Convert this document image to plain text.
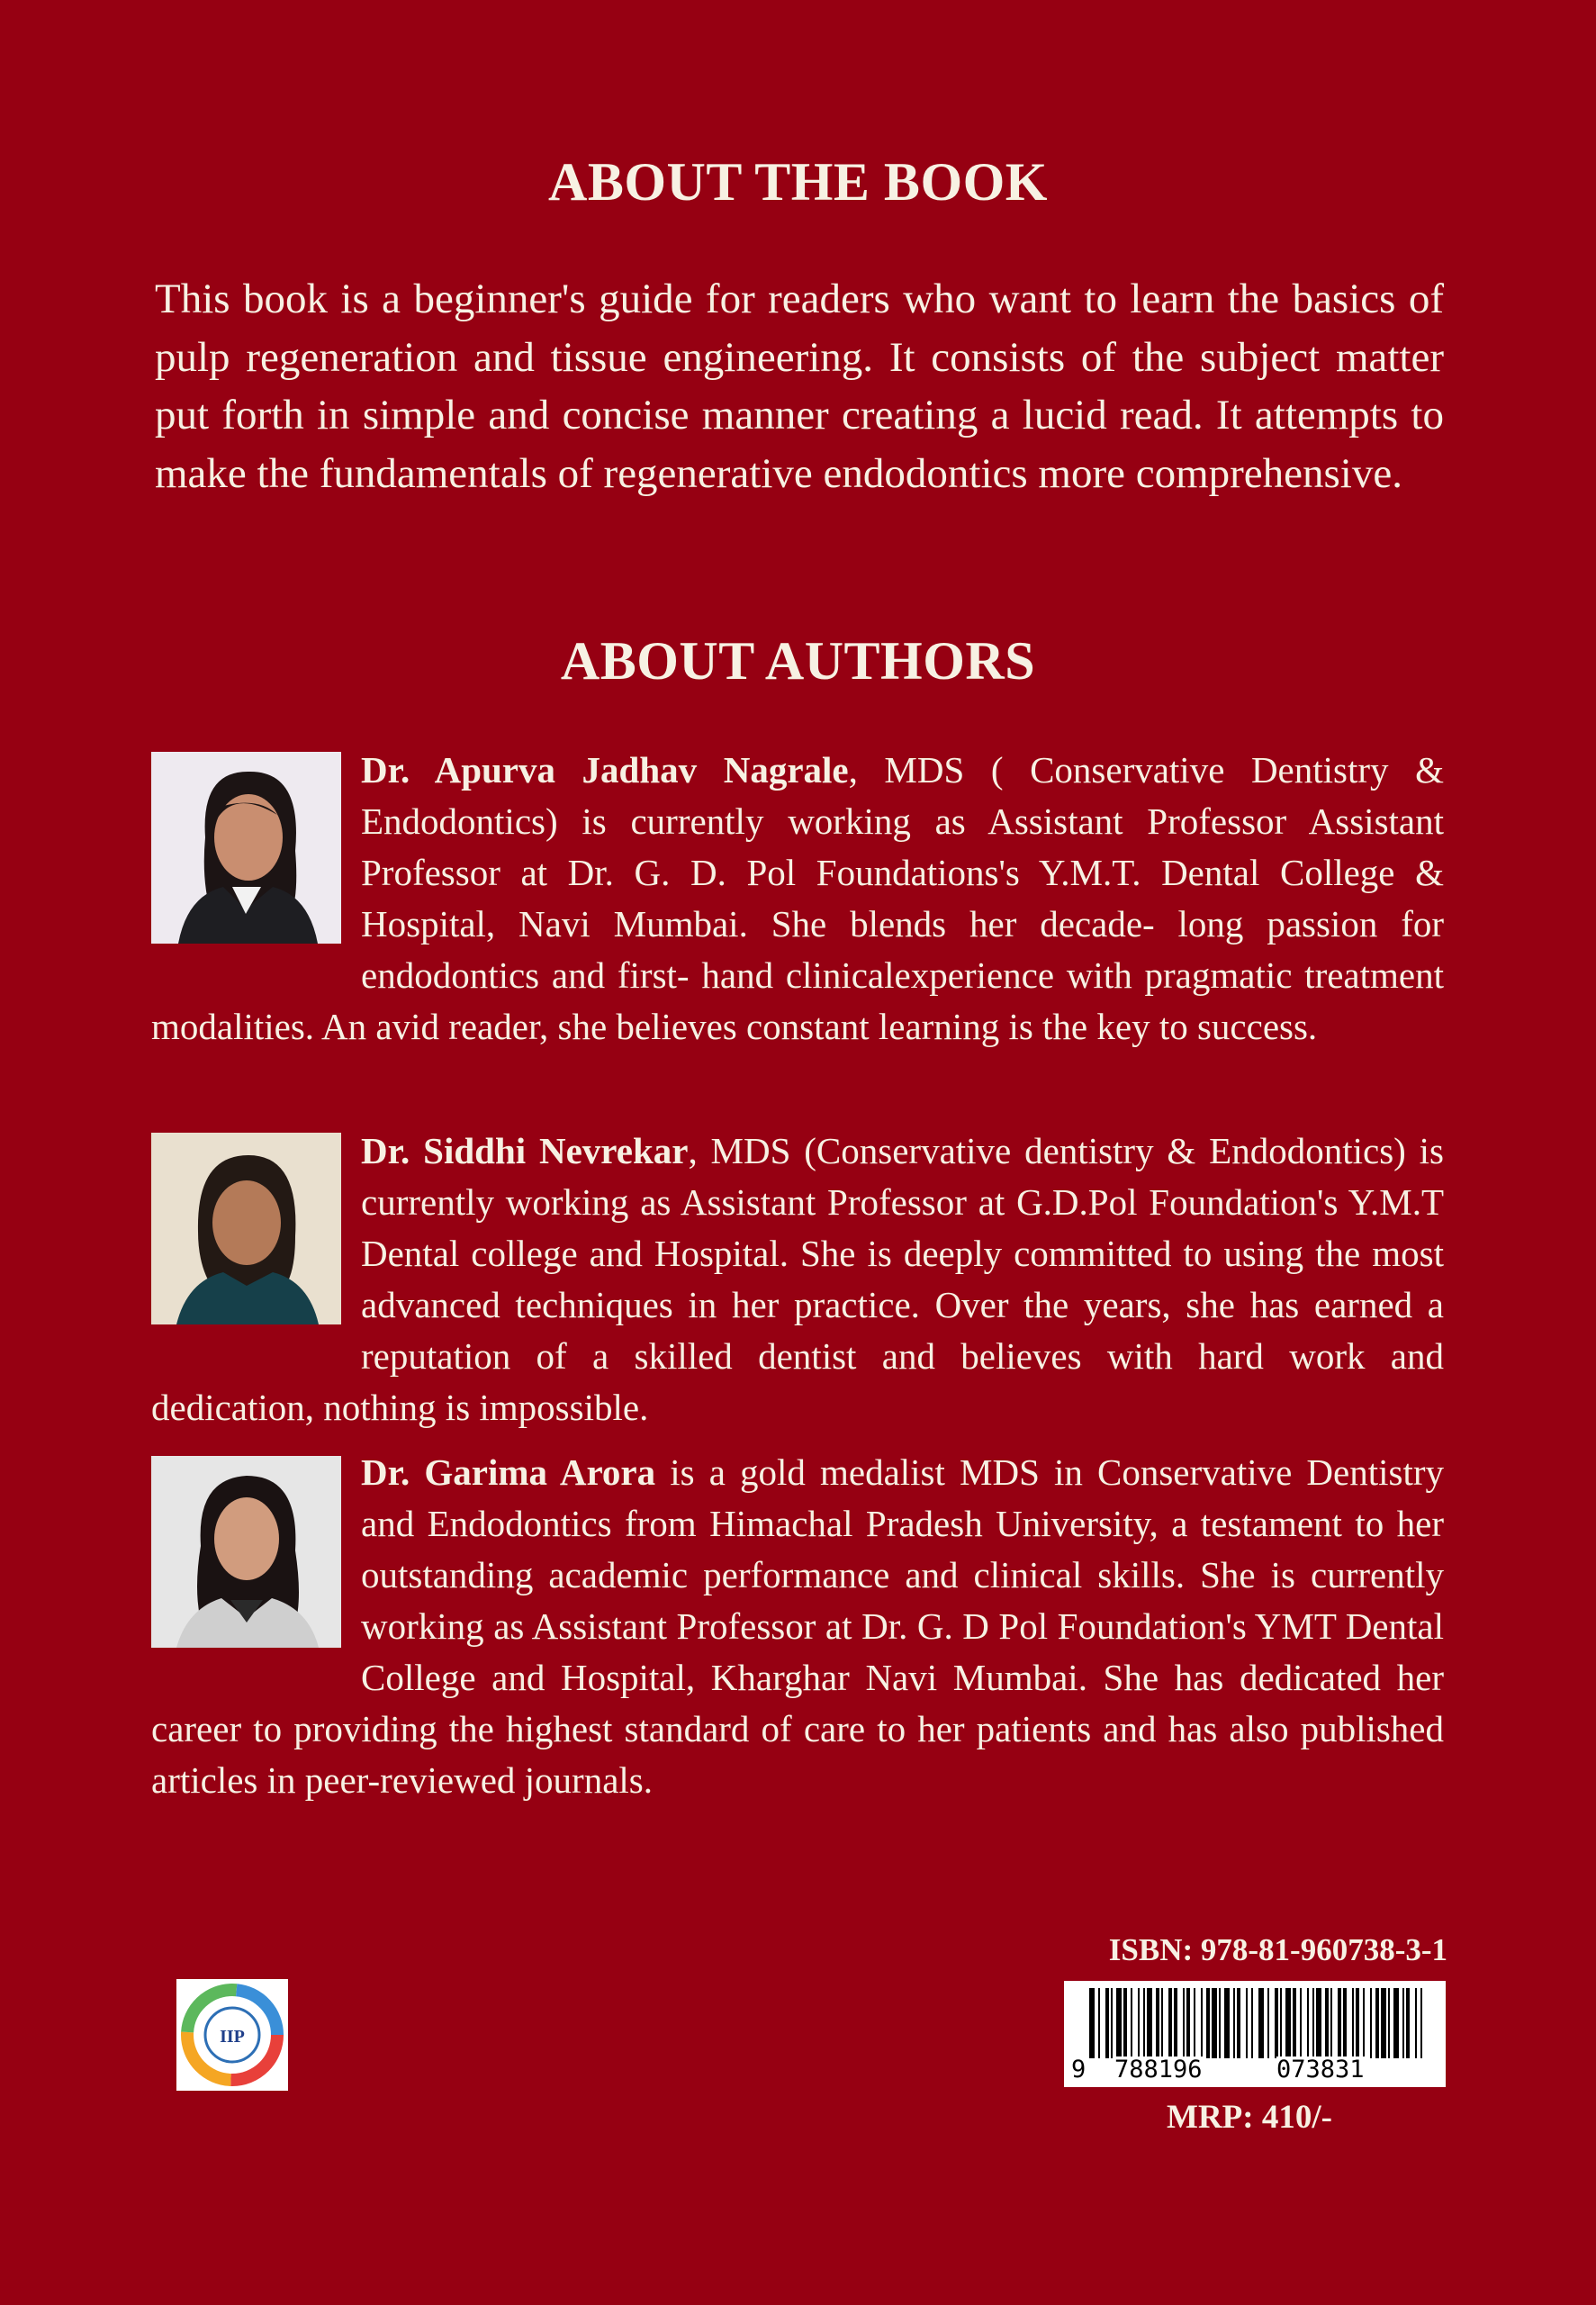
ABOUT THE BOOK

This book is a beginner's guide for readers who want to learn the basics of pulp regeneration and tissue engineering. It consists of the subject matter put forth in simple and concise manner creating a lucid read. It attempts to make the fundamentals of regenerative endodontics more comprehensive.

ABOUT AUTHORS

Dr. Apurva Jadhav Nagrale, MDS ( Conservative Dentistry & Endodontics) is currently working as Assistant Professor Assistant Professor at Dr. G. D. Pol Foundations's Y.M.T. Dental College & Hospital, Navi Mumbai. She blends her decade- long passion for endodontics and first- hand clinicalexperience with pragmatic treatment modalities. An avid reader, she believes constant learning is the key to success.

Dr. Siddhi Nevrekar, MDS (Conservative dentistry & Endodontics) is currently working as Assistant Professor at G.D.Pol Foundation's Y.M.T Dental college and Hospital. She is deeply committed to using the most advanced techniques in her practice. Over the years, she has earned a reputation of a skilled dentist and believes with hard work and dedication, nothing is impossible.

Dr. Garima Arora is a gold medalist MDS in Conservative Dentistry and Endodontics from Himachal Pradesh University, a testament to her outstanding academic performance and clinical skills. She is currently working as Assistant Professor at Dr. G. D Pol Foundation's YMT Dental College and Hospital, Kharghar Navi Mumbai. She has dedicated her career to providing the highest standard of care to her patients and has also published articles in peer-reviewed journals.

IIP
ISBN: 978-81-960738-3-1
9 788196	073831
MRP: 410/-
